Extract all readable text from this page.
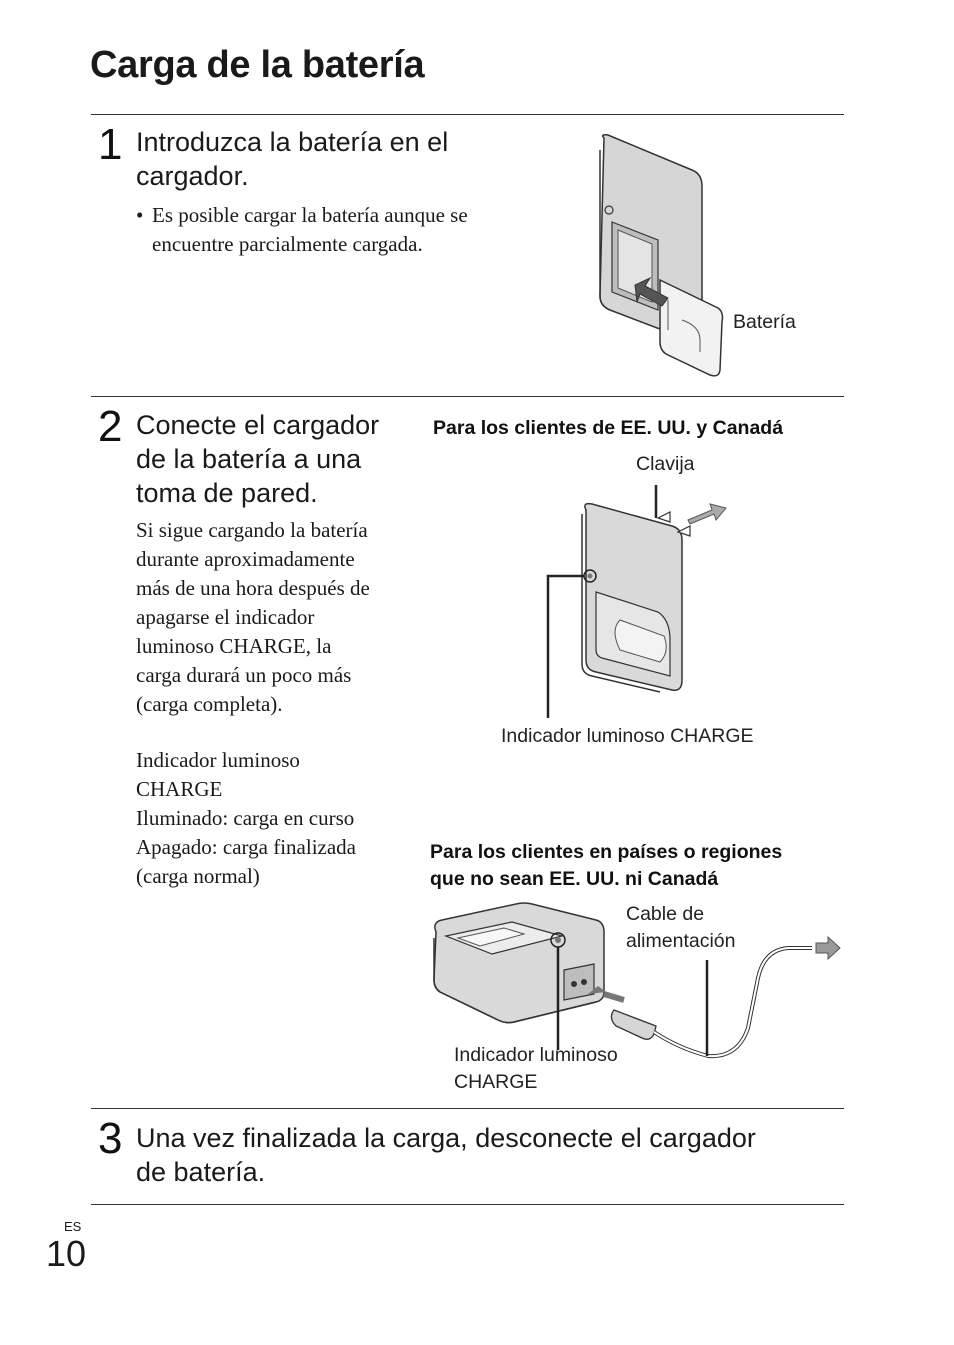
Carga de la batería
1 Introduzca la batería en el
cargador.
• Es posible cargar la batería aunque se
encuentre parcialmente cargada.
Batería
2 Conecte el cargador
de la batería a una
toma de pared.
Si sigue cargando la batería
durante aproximadamente
más de una hora después de
apagarse el indicador
luminoso CHARGE, la
carga durará un poco más
(carga completa).
Indicador luminoso
CHARGE
Iluminado: carga en curso
Apagado: carga finalizada
(carga normal)
Para los clientes de EE. UU. y Canadá
Clavija
Indicador luminoso CHARGE
Para los clientes en países o regiones
que no sean EE. UU. ni Canadá
Cable de
alimentación
Indicador luminoso
CHARGE
3 Una vez finalizada la carga, desconecte el cargador
de batería.
ES
10
